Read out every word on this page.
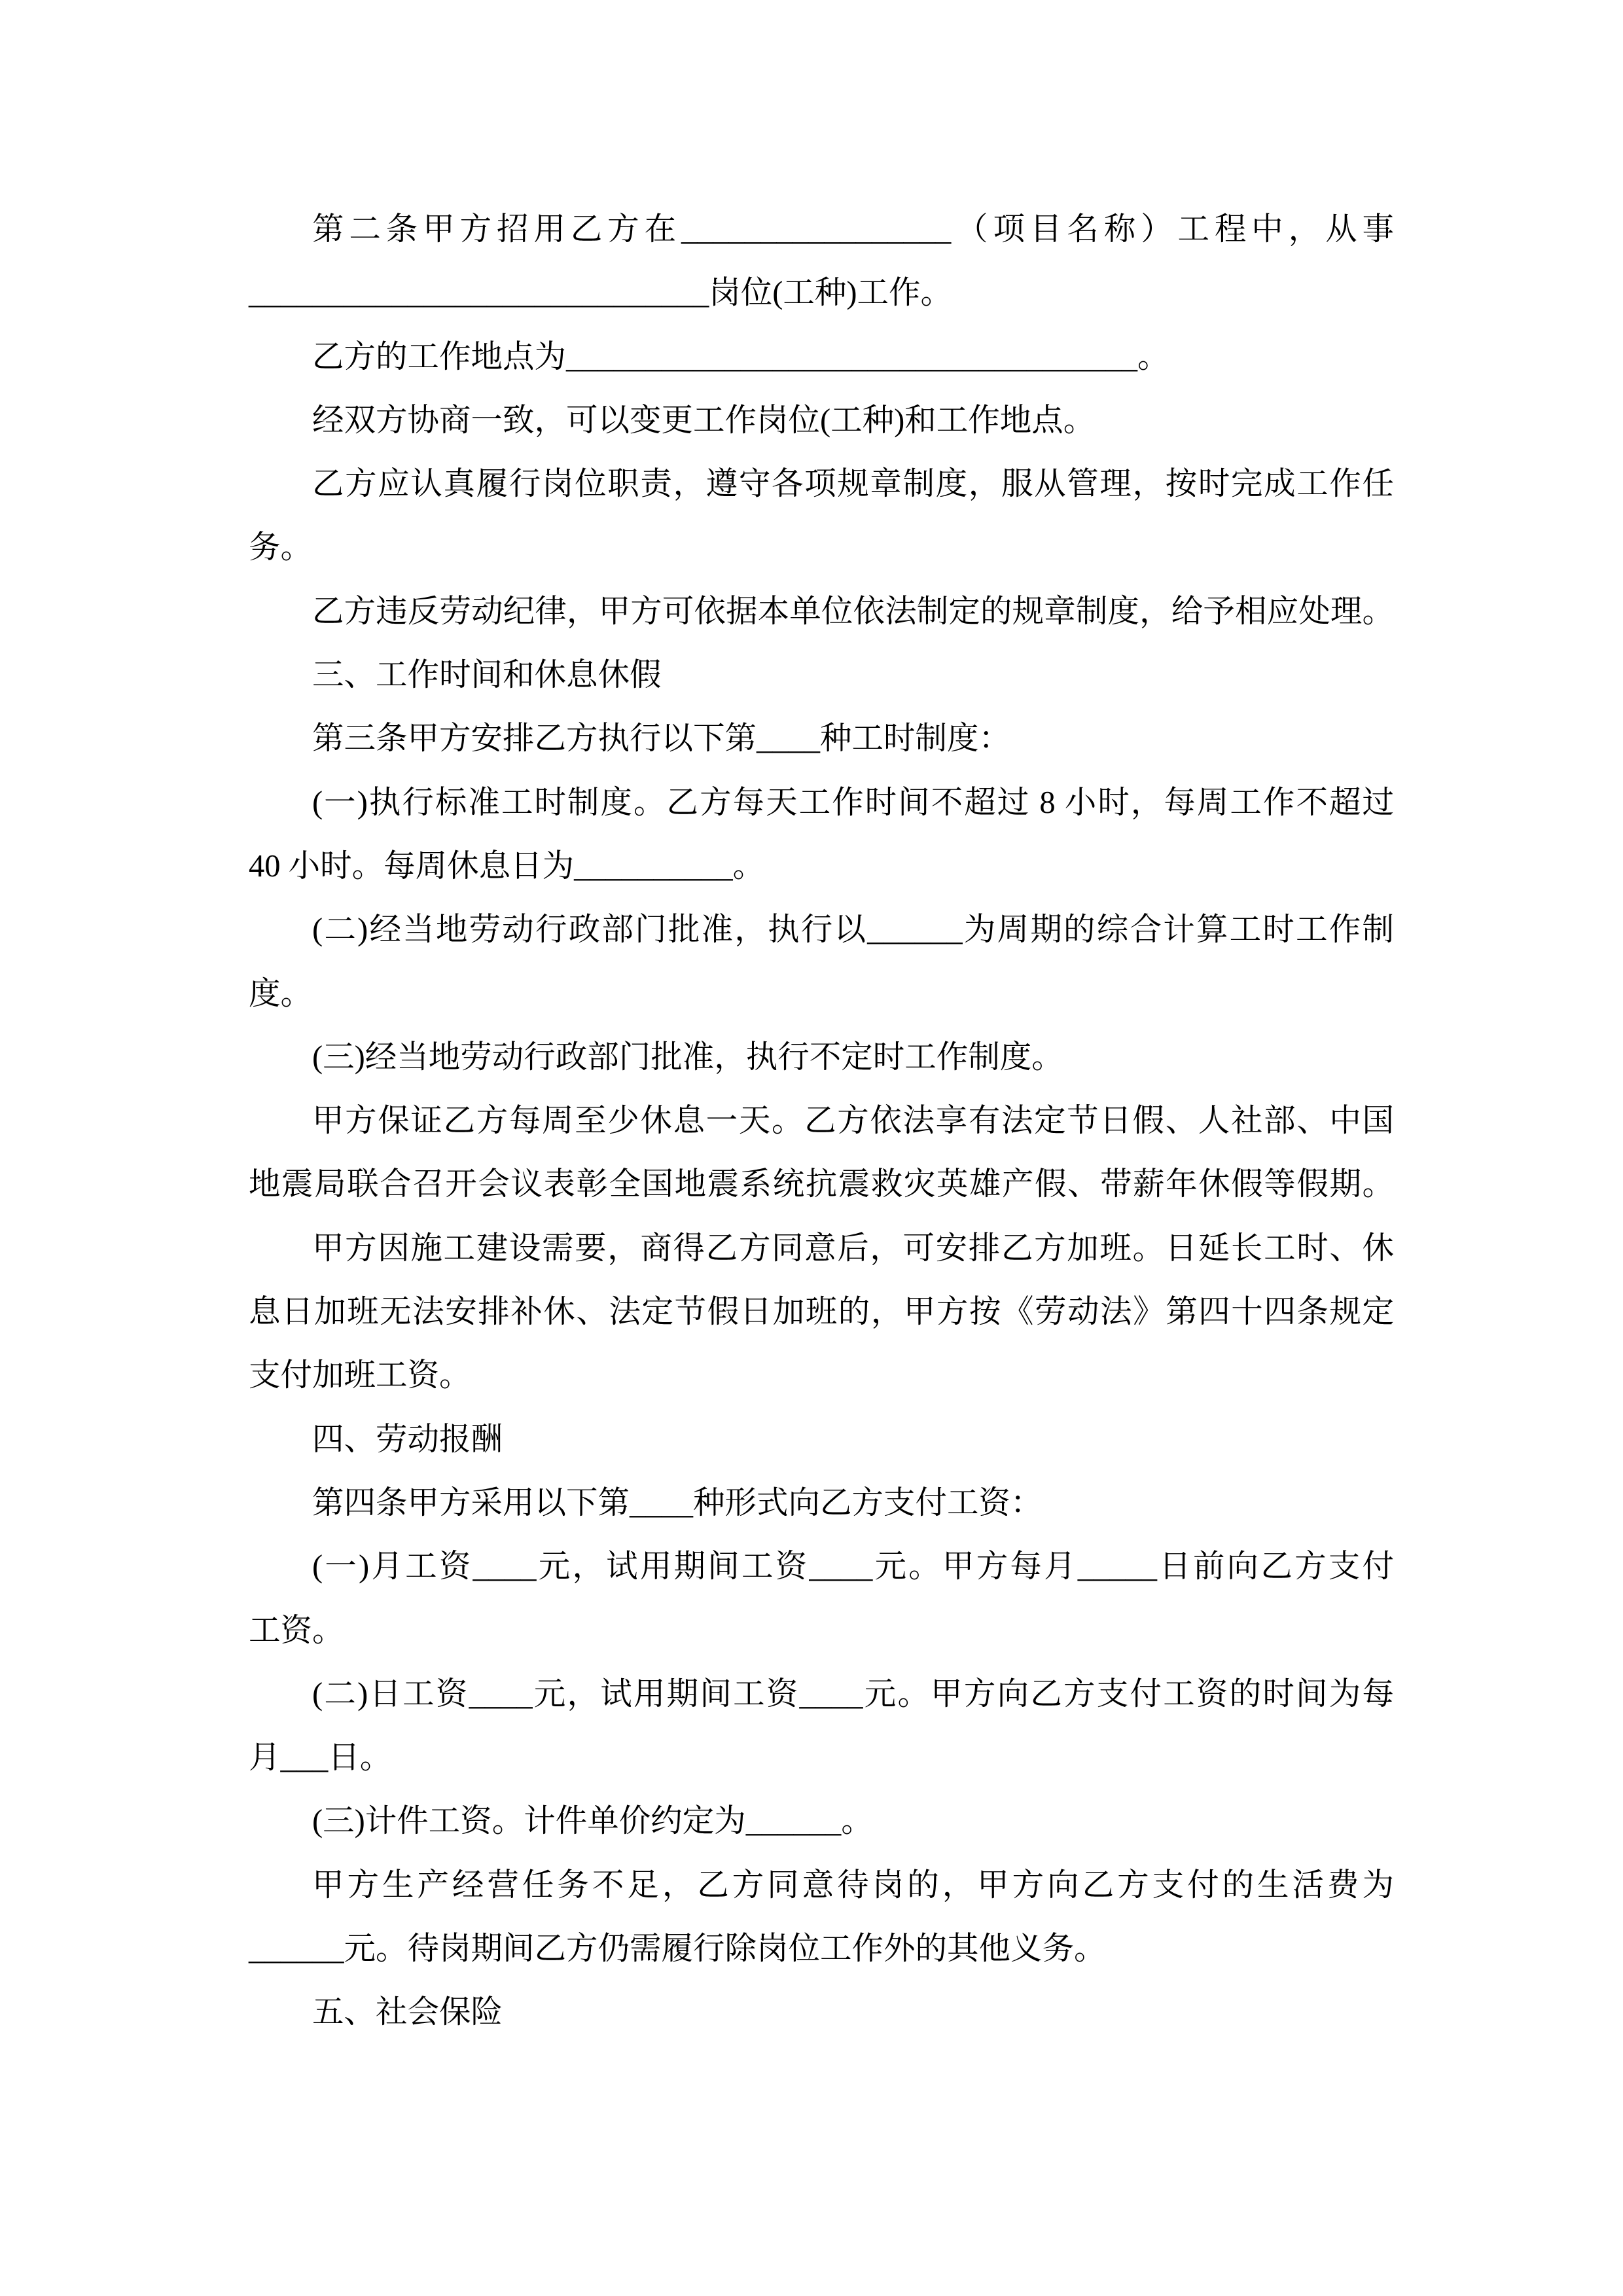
第二条甲方招用乙方在_________________（项目名称）工程中，从事
_____________________________岗位(工种)工作。
乙方的工作地点为____________________________________。
经双方协商一致，可以变更工作岗位(工种)和工作地点。
乙方应认真履行岗位职责，遵守各项规章制度，服从管理，按时完成工作任
务。
乙方违反劳动纪律，甲方可依据本单位依法制定的规章制度，给予相应处理。
三、工作时间和休息休假
第三条甲方安排乙方执行以下第____种工时制度：
(一)执行标准工时制度。乙方每天工作时间不超过 8 小时，每周工作不超过
40 小时。每周休息日为__________。
(二)经当地劳动行政部门批准，执行以______为周期的综合计算工时工作制
度。
(三)经当地劳动行政部门批准，执行不定时工作制度。
甲方保证乙方每周至少休息一天。乙方依法享有法定节日假、人社部、中国
地震局联合召开会议表彰全国地震系统抗震救灾英雄产假、带薪年休假等假期。
甲方因施工建设需要，商得乙方同意后，可安排乙方加班。日延长工时、休
息日加班无法安排补休、法定节假日加班的，甲方按《劳动法》第四十四条规定
支付加班工资。
四、劳动报酬
第四条甲方采用以下第____种形式向乙方支付工资：
(一)月工资____元，试用期间工资____元。甲方每月_____日前向乙方支付
工资。
(二)日工资____元，试用期间工资____元。甲方向乙方支付工资的时间为每
月___日。
(三)计件工资。计件单价约定为______。
甲方生产经营任务不足，乙方同意待岗的，甲方向乙方支付的生活费为
______元。待岗期间乙方仍需履行除岗位工作外的其他义务。
五、社会保险
